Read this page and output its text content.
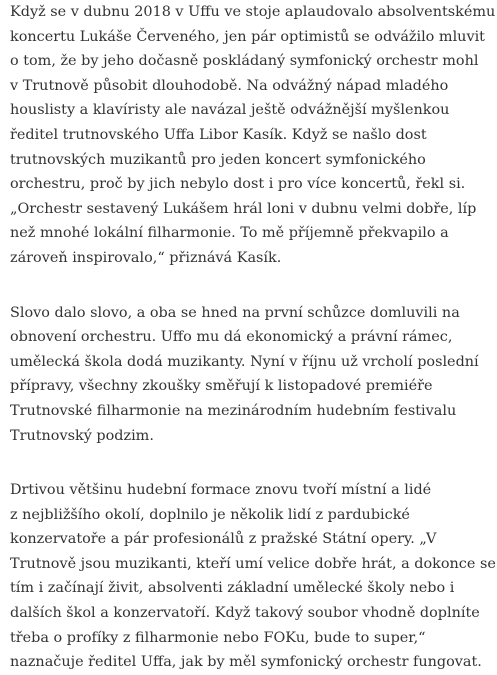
Když se v dubnu 2018 v Uffu ve stoje aplaudovalo absolventskému
koncertu Lukáše Červeného, jen pár optimistů se odvážilo mluvit
o tom, že by jeho dočasně poskládaný symfonický orchestr mohl
v Trutnově působit dlouhodobě. Na odvážný nápad mladého
houslisty a klavíristy ale navázal ještě odvážnější myšlenkou
ředitel trutnovského Uffa Libor Kasík. Když se našlo dost
trutnovských muzikantů pro jeden koncert symfonického
orchestru, proč by jich nebylo dost i pro více koncertů, řekl si.
„Orchestr sestavený Lukášem hrál loni v dubnu velmi dobře, líp
než mnohé lokální filharmonie. To mě příjemně překvapilo a
zároveň inspirovalo,“ přiznává Kasík.
Slovo dalo slovo, a oba se hned na první schůzce domluvili na
obnovení orchestru. Uffo mu dá ekonomický a právní rámec,
umělecká škola dodá muzikanty. Nyní v říjnu už vrcholí poslední
přípravy, všechny zkoušky směřují k listopadové premiéře
Trutnovské filharmonie na mezinárodním hudebním festivalu
Trutnovský podzim.
Drtivou většinu hudební formace znovu tvoří místní a lidé
z nejbližšího okolí, doplnilo je několik lidí z pardubické
konzervatoře a pár profesionálů z pražské Státní opery. „V
Trutnově jsou muzikanti, kteří umí velice dobře hrát, a dokonce se
tím i začínají živit, absolventi základní umělecké školy nebo i
dalších škol a konzervatoří. Když takový soubor vhodně doplníte
třeba o profíky z filharmonie nebo FOKu, bude to super,“
naznačuje ředitel Uffa, jak by měl symfonický orchestr fungovat.
